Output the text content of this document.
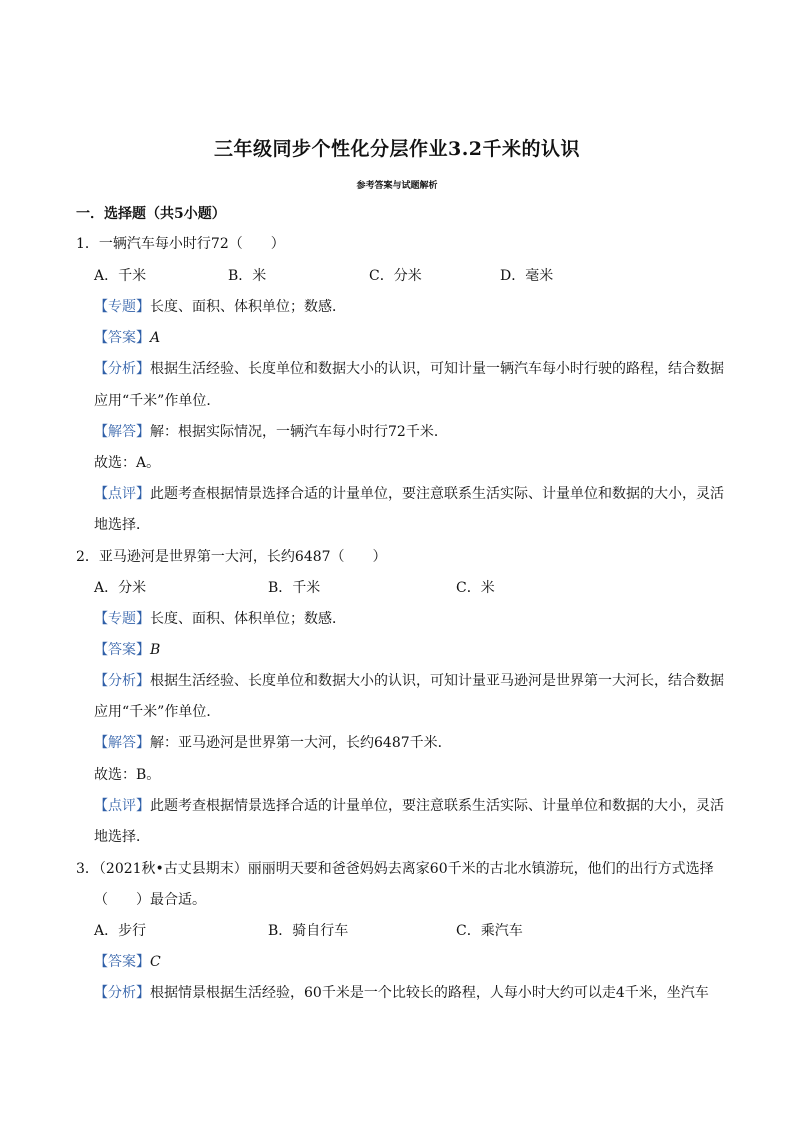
三年级同步个性化分层作业3.2千米的认识
参考答案与试题解析
一．选择题（共5小题）
1．一辆汽车每小时行72（　　）
A．千米	B．米	C．分米	D．毫米
【专题】长度、面积、体积单位；数感．
【答案】A
【分析】根据生活经验、长度单位和数据大小的认识，可知计量一辆汽车每小时行驶的路程，结合数据
应用“千米”作单位．
【解答】解：根据实际情况，一辆汽车每小时行72千米．
故选：A。
【点评】此题考查根据情景选择合适的计量单位，要注意联系生活实际、计量单位和数据的大小，灵活
地选择．
2．亚马逊河是世界第一大河，长约6487（　　）
A．分米	B．千米	C．米
【专题】长度、面积、体积单位；数感．
【答案】B
【分析】根据生活经验、长度单位和数据大小的认识，可知计量亚马逊河是世界第一大河长，结合数据
应用“千米”作单位．
【解答】解：亚马逊河是世界第一大河，长约6487千米．
故选：B。
【点评】此题考查根据情景选择合适的计量单位，要注意联系生活实际、计量单位和数据的大小，灵活
地选择．
3．（2021秋•古丈县期末）丽丽明天要和爸爸妈妈去离家60千米的古北水镇游玩，他们的出行方式选择
（　　）最合适。
A．步行	B．骑自行车	C．乘汽车
【答案】C
【分析】根据情景根据生活经验，60千米是一个比较长的路程，人每小时大约可以走4千米，坐汽车
